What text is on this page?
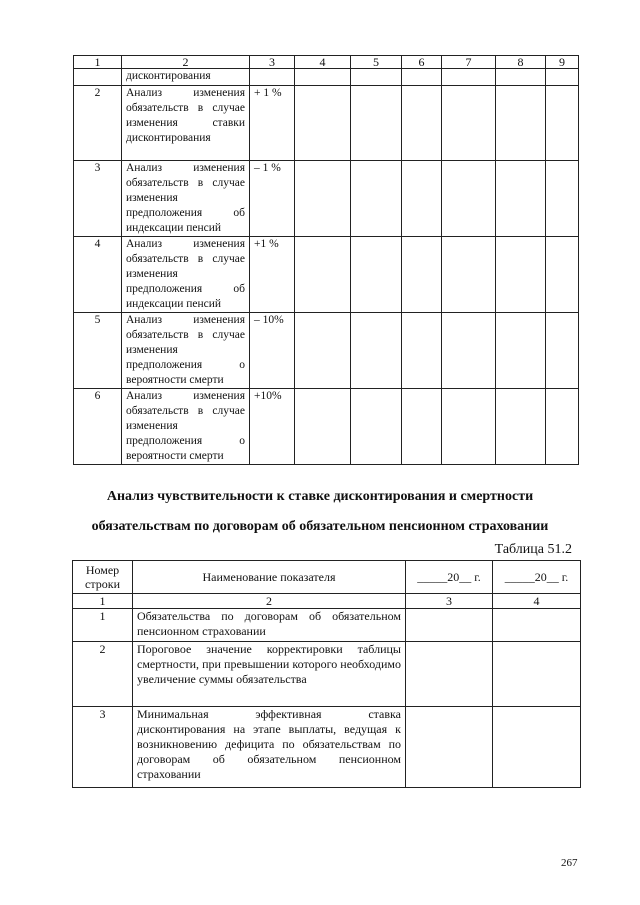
1	2	3	4	5	6	7	8	9
	дисконтирования							
2	Анализ изменения обязательств в случае изменения ставки дисконтирования	+ 1 %						
3	Анализ изменения обязательств в случае изменения предположения об индексации пенсий	– 1 %						
4	Анализ изменения обязательств в случае изменения предположения об индексации пенсий	+1 %						
5	Анализ изменения обязательств в случае изменения предположения о вероятности смерти	– 10%						
6	Анализ изменения обязательств в случае изменения предположения о вероятности смерти	+10%						
Анализ чувствительности к ставке дисконтирования и смертности
обязательствам по договорам об обязательном пенсионном страховании
Таблица 51.2
Номер строки	Наименование показателя	_____20__ г.	_____20__ г.
1	2	3	4
1	Обязательства по договорам об обязательном пенсионном страховании		
2	Пороговое значение корректировки таблицы смертности, при превышении которого необходимо увеличение суммы обязательства		
3	Минимальная эффективная ставка дисконтирования на этапе выплаты, ведущая к возникновению дефицита по обязательствам по договорам об обязательном пенсионном страховании		
267
